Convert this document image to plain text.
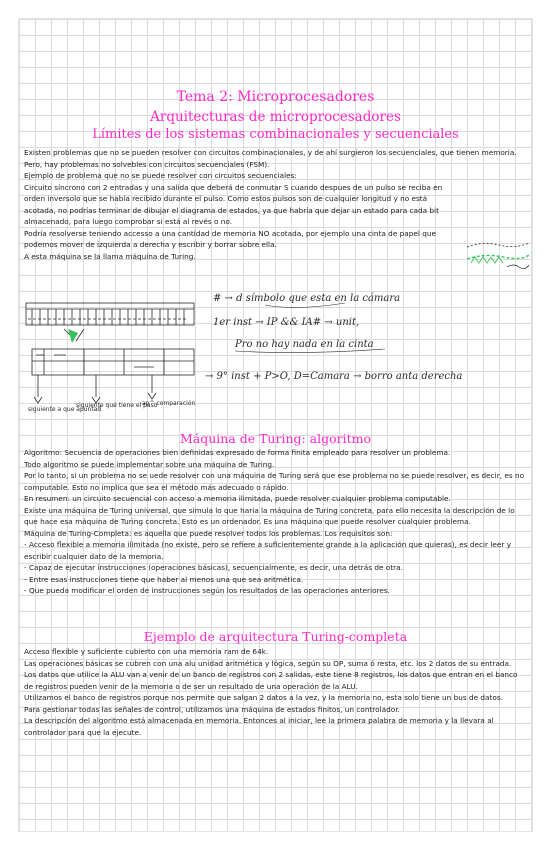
Tema 2: Microprocesadores
Arquitecturas de microprocesadores
Límites de los sistemas combinacionales y secuenciales

Existen problemas que no se pueden resolver con circuitos combinacionales, y de ahí surgieron los secuenciales, que tienen memoria.

Pero, hay problemas no solvebles con circuitos secuenciales (FSM).

Ejemplo de problema que no se puede resolver con circuitos secuenciales:

Circuito síncrono con 2 entradas y una salida que deberá de conmutar S cuando despues de un pulso se reciba en orden inversolo que se había recibido durante el pulso. Como estos pulsos son de cualquier longitud y no está acotada, no podrías terminar de dibujar el diagrama de estados, ya que habría que dejar un estado para cada bit almacenado, para luego comprobar si está al revés o no.

Podría resolverse teniendo accesso a una cantidad de memoria NO acotada, por ejemplo una cinta de papel que podemos mover de izquierda a derecha y escribir y borrar sobre ella.

A esta máquina se la llama máquina de Turing.

siguiente a que apuntad
siguiente qué tiene el paso
ap^ comparación
# → d símbolo que esta en la cámara
1er inst → IP && IA# → unit,
Pro no hay nada en la cinta
→ 9° inst + P>O, D=Camara → borro anta derecha
Máquina de Turing: algoritmo

Algoritmo: Secuencia de operaciones bien definidas expresado de forma finita empleado para resolver un problema.

Todo algoritmo se puede implementar sobre una máquina de Turing.

Por lo tanto, si un problema no se uede resolver con una máquina de Turing será que ese problema no se puede resolver, es decir, es no computable. Esto no implica que sea el método más adecuado o rápido.

En resumen: un circuito secuencial con acceso a memoria ilimitada, puede resolver cualquier problema computable.

Existe una máquina de Turing universal, que simula lo que haría la máquina de Turing concreta, para ello necesita la descripción de lo que hace esa máquina de Turing concreta. Esto es un ordenador. Es una máquina que puede resolver cualquier problema.

Máquina de Turing-Completa: es aquella que puede resolver todos los problemas. Los requisitos son:

- Acceso flexible a memoria ilimitada (no existe, pero se refiere a suficientemente grande a la aplicación que quieras), es decir leer y escribir cualquier dato de la memoria.

- Capaz de ejecutar instrucciones (operaciones básicas), secuencialmente, es decir, una detrás de otra.

- Entre esas instrucciones tiene que haber al menos una que sea aritmética.

- Que pueda modificar el orden de instrucciones según los resultados de las operaciones anteriores.

Ejemplo de arquitectura Turing-completa

Acceso flexible y suficiente cubierto con una memoria ram de 64k.

Las operaciones básicas se cubren con una alu unidad aritmética y lógica, según su OP, suma ó resta, etc. los 2 datos de su entrada.

Los datos que utilice la ALU van a venir de un banco de registros con 2 salidas, este tiene 8 registros, los datos que entran en el banco de registros pueden venir de la memoria o de ser un resultado de una operación de la ALU.

Utilizamos el banco de registros porque nos permite que salgan 2 datos a la vez, y la memoria no, esta solo tiene un bus de datos.

Para gestionar todas las señales de control, utilizamos una máquina de estados finitos, un controlador.

La descripción del algoritmo está almacenada en memoria. Entonces al iniciar, lee la primera palabra de memoria y la llevara al controlador para que la ejecute.
